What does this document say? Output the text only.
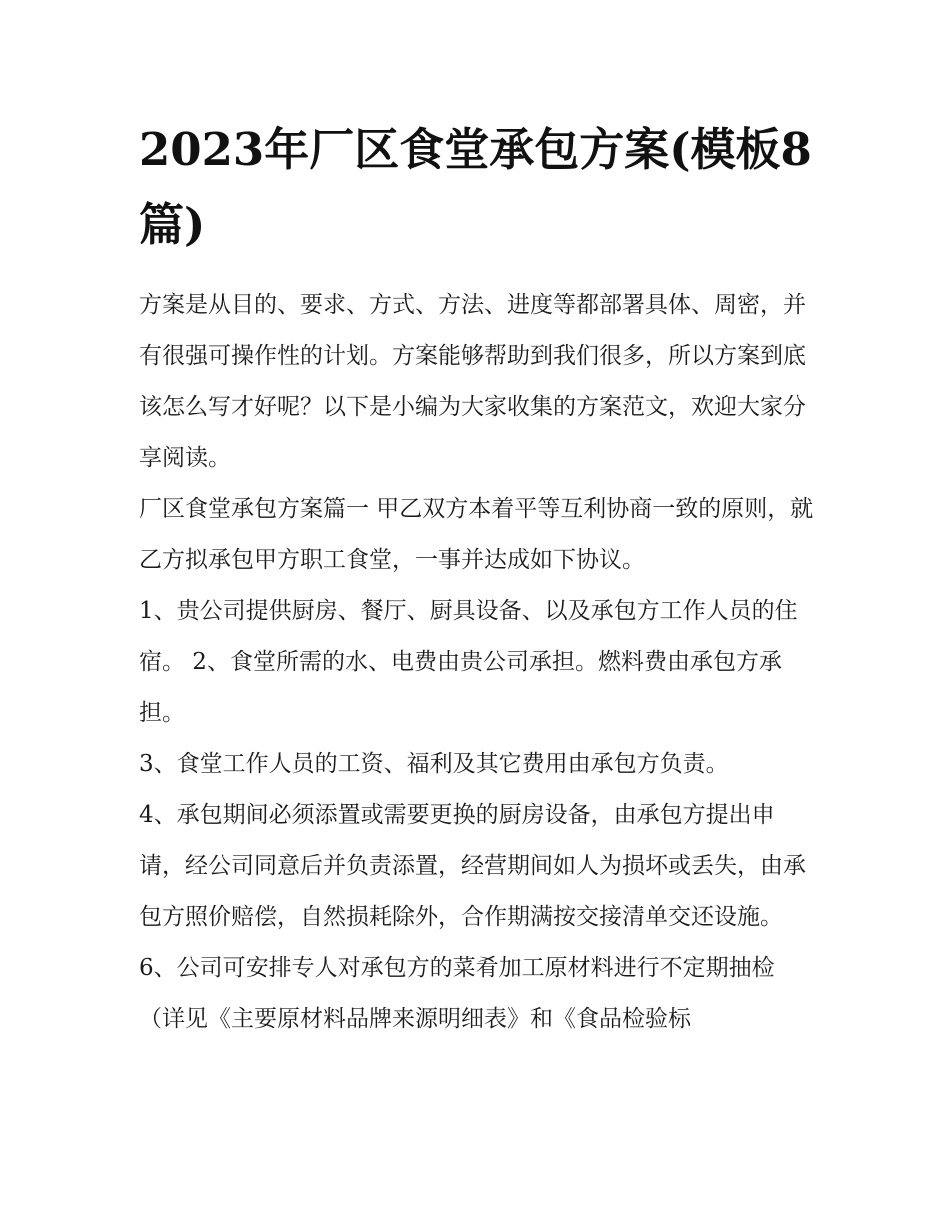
2023年厂区食堂承包方案(模板8篇)

方案是从目的、要求、方式、方法、进度等都部署具体、周密，并有很强可操作性的计划。方案能够帮助到我们很多，所以方案到底该怎么写才好呢？以下是小编为大家收集的方案范文，欢迎大家分享阅读。

厂区食堂承包方案篇一 甲乙双方本着平等互利协商一致的原则，就乙方拟承包甲方职工食堂，一事并达成如下协议。

1、贵公司提供厨房、餐厅、厨具设备、以及承包方工作人员的住宿。 2、食堂所需的水、电费由贵公司承担。燃料费由承包方承担。

3、食堂工作人员的工资、福利及其它费用由承包方负责。

4、承包期间必须添置或需要更换的厨房设备，由承包方提出申请，经公司同意后并负责添置，经营期间如人为损坏或丢失，由承包方照价赔偿，自然损耗除外，合作期满按交接清单交还设施。

6、公司可安排专人对承包方的菜肴加工原材料进行不定期抽检（详见《主要原材料品牌来源明细表》和《食品检验标
